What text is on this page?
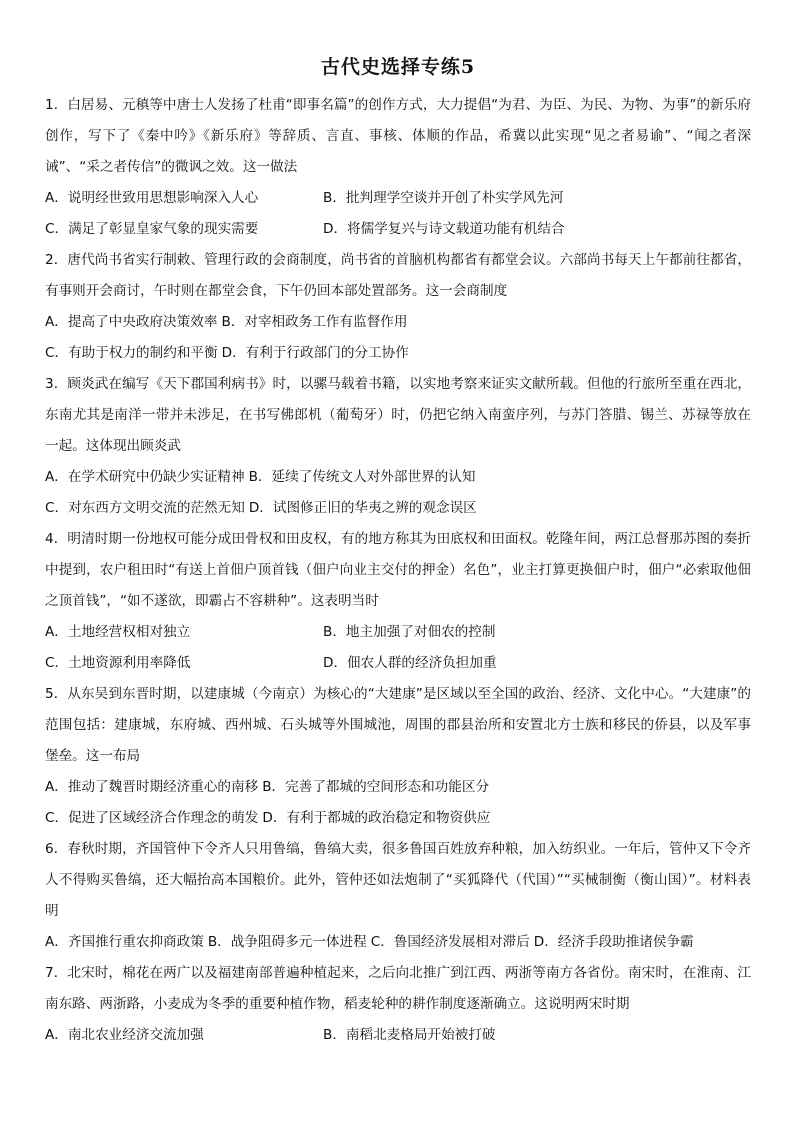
古代史选择专练5

1．白居易、元稹等中唐士人发扬了杜甫“即事名篇”的创作方式，大力提倡“为君、为臣、为民、为物、为事”的新乐府创作，写下了《秦中吟》《新乐府》等辞质、言直、事核、体顺的作品，希冀以此实现“见之者易谕”、“闻之者深诫”、“采之者传信”的微讽之效。这一做法

A．说明经世致用思想影响深入人心	B．批判理学空谈并开创了朴实学风先河
C．满足了彰显皇家气象的现实需要	D．将儒学复兴与诗文载道功能有机结合

2．唐代尚书省实行制敕、管理行政的会商制度，尚书省的首脑机构都省有都堂会议。六部尚书每天上午都前往都省，有事则开会商讨，午时则在都堂会食，下午仍回本部处置部务。这一会商制度

A．提高了中央政府决策效率 B．对宰相政务工作有监督作用
C．有助于权力的制约和平衡 D．有利于行政部门的分工协作

3．顾炎武在编写《天下郡国利病书》时，以骡马载着书籍，以实地考察来证实文献所载。但他的行旅所至重在西北，东南尤其是南洋一带并未涉足，在书写佛郎机（葡萄牙）时，仍把它纳入南蛮序列，与苏门答腊、锡兰、苏禄等放在一起。这体现出顾炎武

A．在学术研究中仍缺少实证精神 B．延续了传统文人对外部世界的认知
C．对东西方文明交流的茫然无知 D．试图修正旧的华夷之辨的观念误区

4．明清时期一份地权可能分成田骨权和田皮权，有的地方称其为田底权和田面权。乾隆年间，两江总督那苏图的奏折中提到，农户租田时“有送上首佃户顶首钱（佃户向业主交付的押金）名色”，业主打算更换佃户时，佃户“必索取他佃之顶首钱”，“如不遂欲，即霸占不容耕种”。这表明当时

A．土地经营权相对独立	B．地主加强了对佃农的控制
C．土地资源利用率降低	D．佃农人群的经济负担加重

5．从东吴到东晋时期，以建康城（今南京）为核心的“大建康”是区域以至全国的政治、经济、文化中心。“大建康”的范围包括：建康城，东府城、西州城、石头城等外围城池，周围的郡县治所和安置北方士族和移民的侨县，以及军事堡垒。这一布局

A．推动了魏晋时期经济重心的南移 B．完善了都城的空间形态和功能区分
C．促进了区域经济合作理念的萌发 D．有利于都城的政治稳定和物资供应

6．春秋时期，齐国管仲下令齐人只用鲁缟，鲁缟大卖，很多鲁国百姓放弃种粮，加入纺织业。一年后，管仲又下令齐人不得购买鲁缟，还大幅抬高本国粮价。此外，管仲还如法炮制了“买狐降代（代国）”“买械制衡（衡山国）”。材料表明

A．齐国推行重农抑商政策 B．战争阻碍多元一体进程 C．鲁国经济发展相对滞后 D．经济手段助推诸侯争霸

7．北宋时，棉花在两广以及福建南部普遍种植起来，之后向北推广到江西、两浙等南方各省份。南宋时，在淮南、江南东路、两浙路，小麦成为冬季的重要种植作物，稻麦轮种的耕作制度逐渐确立。这说明两宋时期

A．南北农业经济交流加强	B．南稻北麦格局开始被打破
